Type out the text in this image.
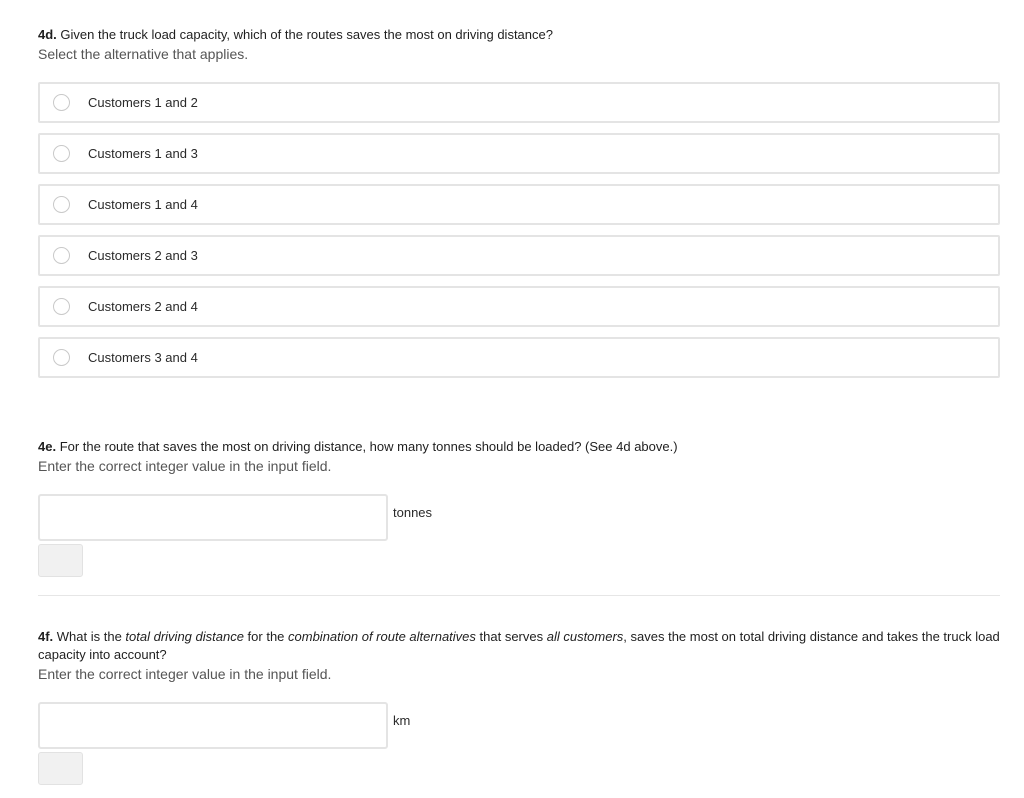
4d. Given the truck load capacity, which of the routes saves the most on driving distance?

Select the alternative that applies.

Customers 1 and 2
Customers 1 and 3
Customers 1 and 4
Customers 2 and 3
Customers 2 and 4
Customers 3 and 4

4e. For the route that saves the most on driving distance, how many tonnes should be loaded? (See 4d above.)

Enter the correct integer value in the input field.

tonnes

4f. What is the total driving distance for the combination of route alternatives that serves all customers, saves the most on total driving distance and takes the truck load capacity into account?

Enter the correct integer value in the input field.

km
